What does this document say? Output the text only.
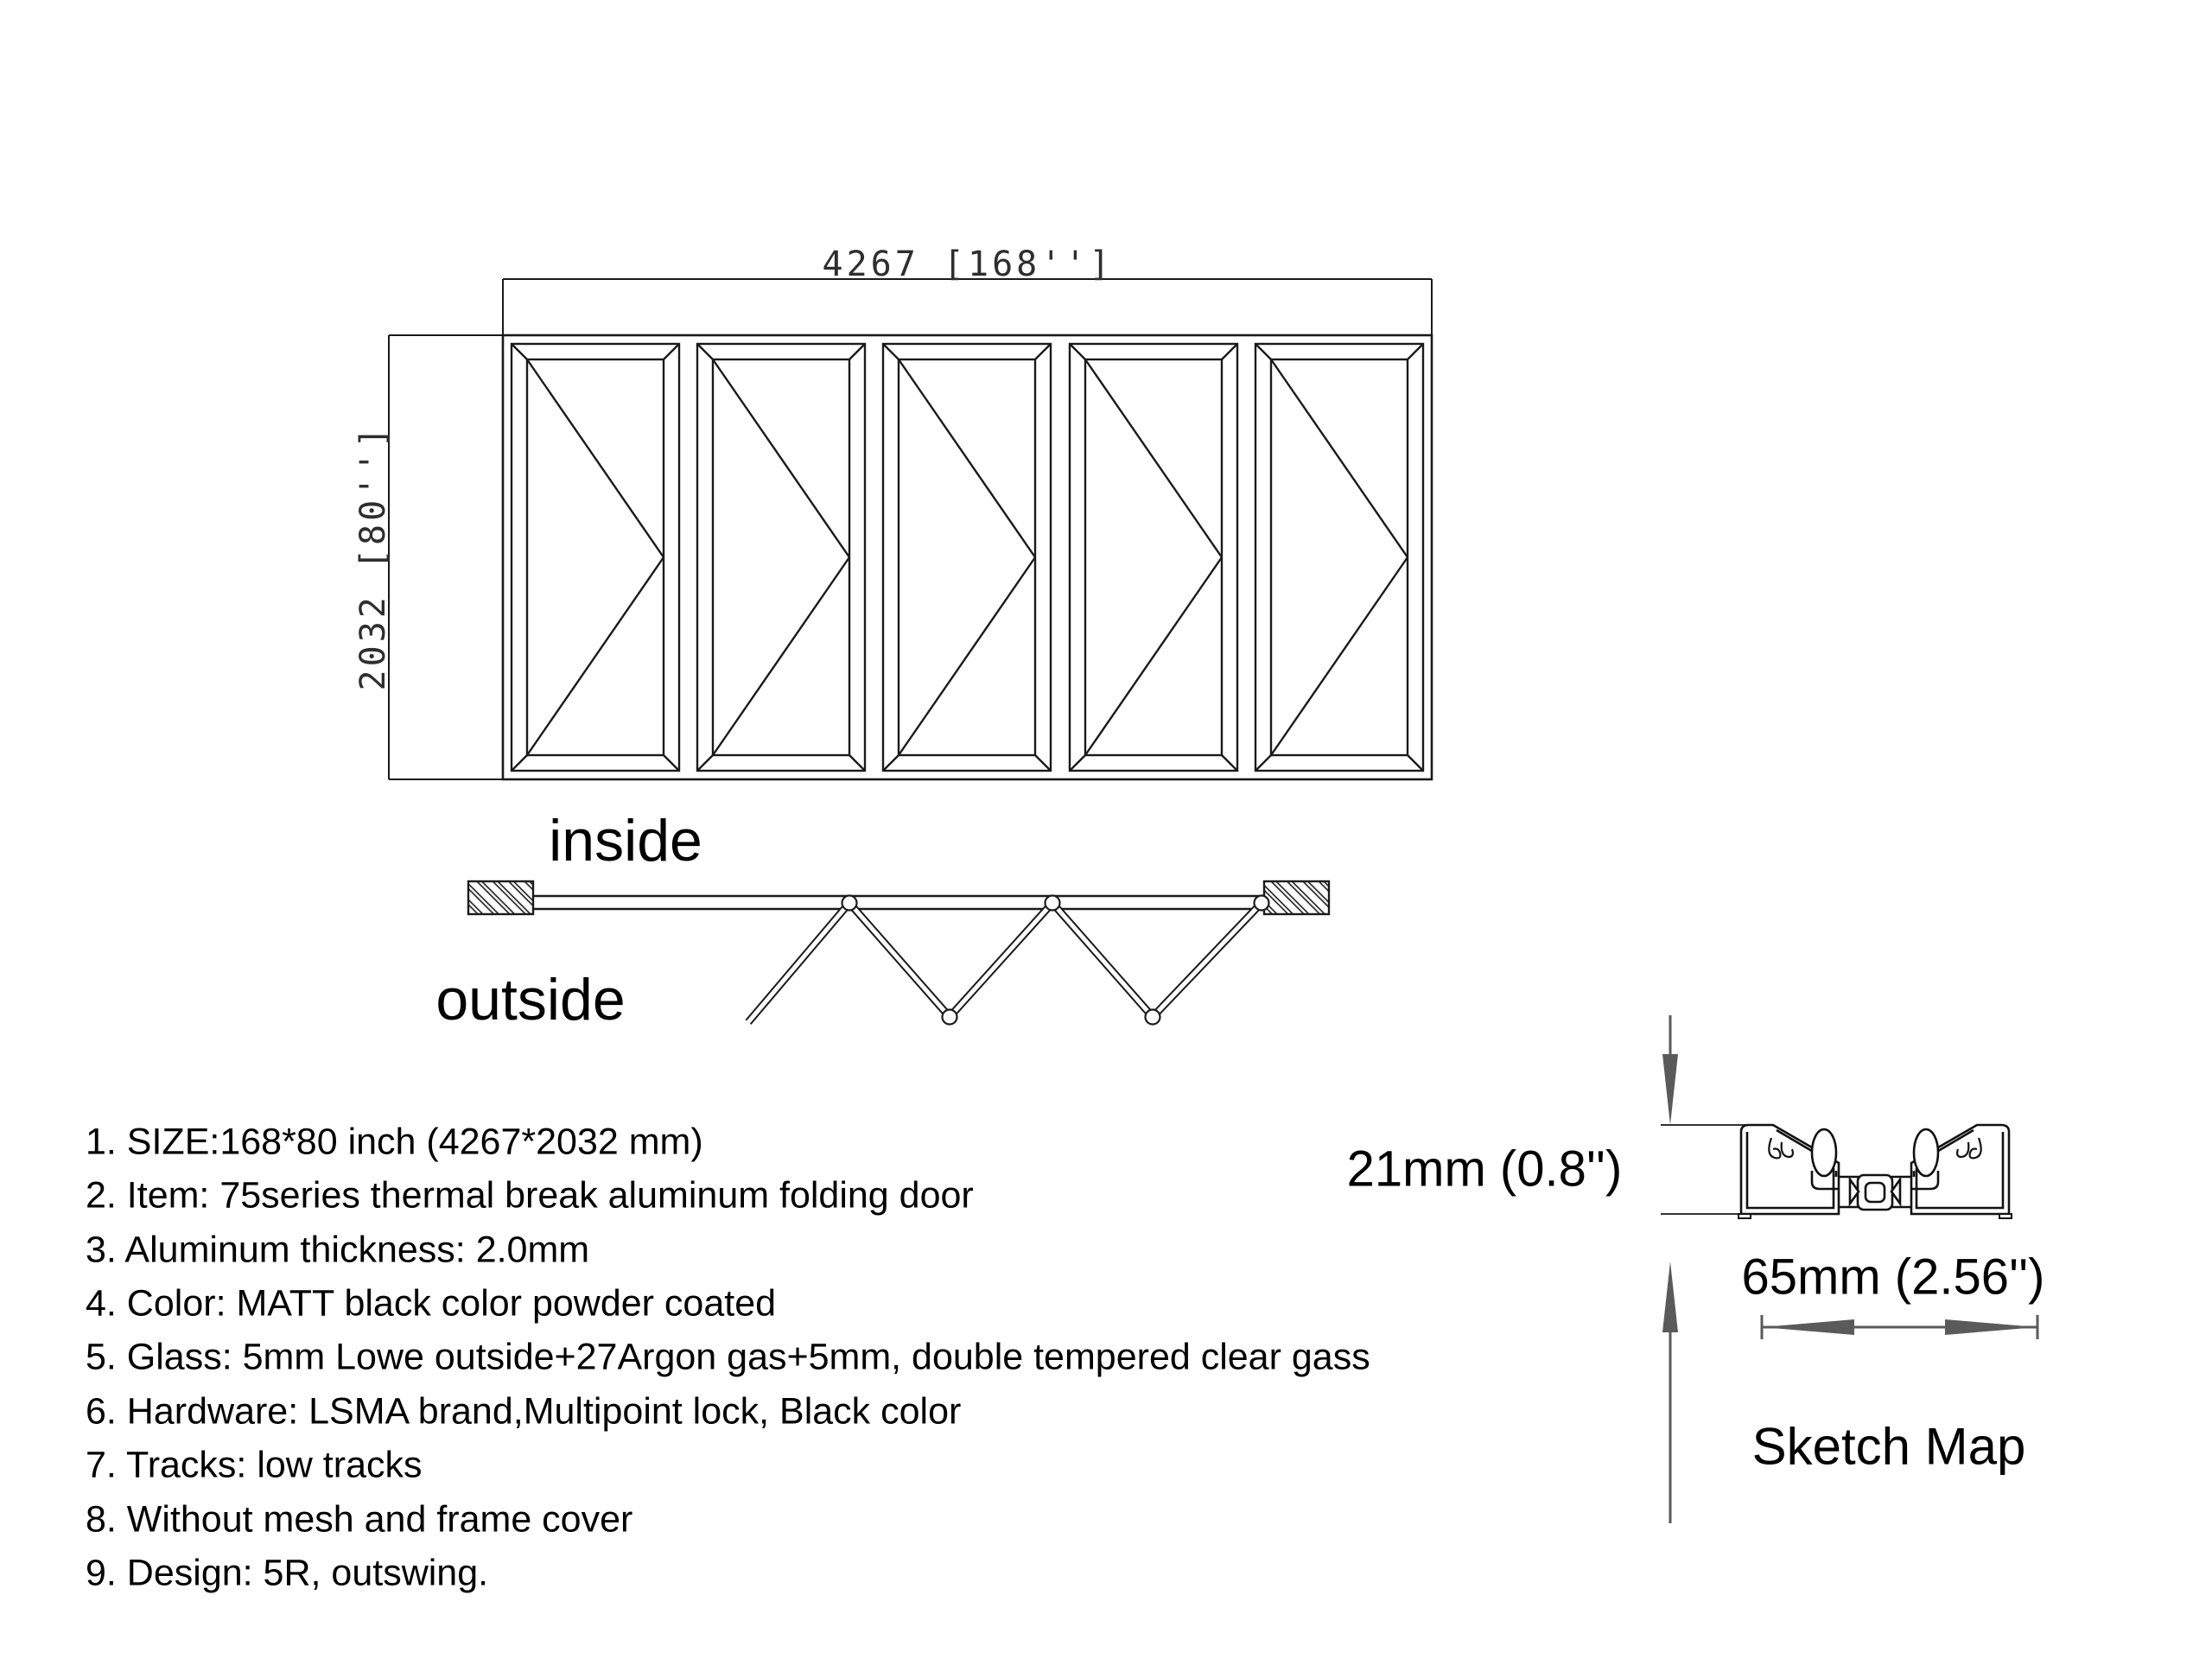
4267 [168'']
2032 [80'']
inside
outside
1. SIZE:168*80 inch (4267*2032 mm)
2. Item: 75series thermal break aluminum folding door
3. Aluminum thickness: 2.0mm
4. Color: MATT black color powder coated
5. Glass: 5mm Lowe outside+27Argon gas+5mm, double tempered clear gass
6. Hardware: LSMA brand,Multipoint lock, Black color
7. Tracks: low tracks
8. Without mesh and frame cover
9. Design: 5R, outswing.
21mm (0.8'')
65mm (2.56'')
Sketch Map
